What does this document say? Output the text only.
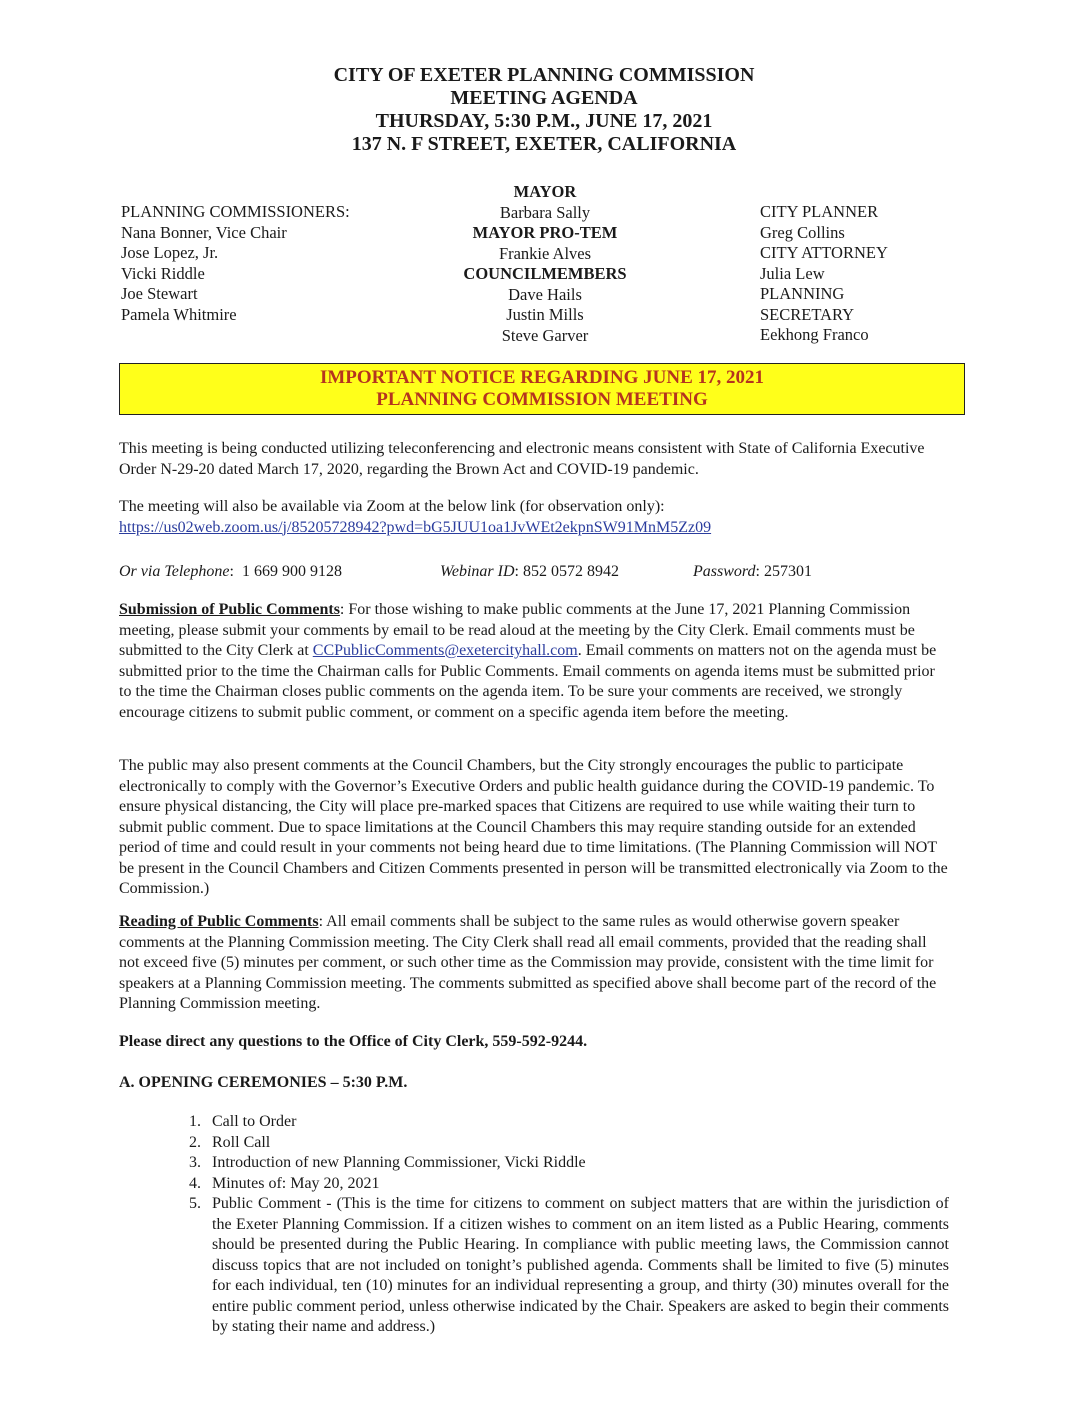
CITY OF EXETER PLANNING COMMISSION
MEETING AGENDA
THURSDAY, 5:30 P.M., JUNE 17, 2021
137 N. F STREET, EXETER, CALIFORNIA
PLANNING COMMISSIONERS:
Nana Bonner, Vice Chair
Jose Lopez, Jr.
Vicki Riddle
Joe Stewart
Pamela Whitmire
MAYOR
Barbara Sally
MAYOR PRO-TEM
Frankie Alves
COUNCILMEMBERS
Dave Hails
Justin Mills
Steve Garver
CITY PLANNER
Greg Collins
CITY ATTORNEY
Julia Lew
PLANNING
SECRETARY
Eekhong Franco
IMPORTANT NOTICE REGARDING JUNE 17, 2021
PLANNING COMMISSION MEETING

This meeting is being conducted utilizing teleconferencing and electronic means consistent with State of California Executive Order N-29-20 dated March 17, 2020, regarding the Brown Act and COVID-19 pandemic.

The meeting will also be available via Zoom at the below link (for observation only):
https://us02web.zoom.us/j/85205728942?pwd=bG5JUU1oa1JvWEt2ekpnSW91MnM5Zz09

Or via Telephone:  1 669 900 9128	Webinar ID: 852 0572 8942	Password: 257301

Submission of Public Comments: For those wishing to make public comments at the June 17, 2021 Planning Commission meeting, please submit your comments by email to be read aloud at the meeting by the City Clerk. Email comments must be submitted to the City Clerk at CCPublicComments@exetercityhall.com. Email comments on matters not on the agenda must be submitted prior to the time the Chairman calls for Public Comments. Email comments on agenda items must be submitted prior to the time the Chairman closes public comments on the agenda item. To be sure your comments are received, we strongly encourage citizens to submit public comment, or comment on a specific agenda item before the meeting.

The public may also present comments at the Council Chambers, but the City strongly encourages the public to participate electronically to comply with the Governor’s Executive Orders and public health guidance during the COVID-19 pandemic. To ensure physical distancing, the City will place pre-marked spaces that Citizens are required to use while waiting their turn to submit public comment. Due to space limitations at the Council Chambers this may require standing outside for an extended period of time and could result in your comments not being heard due to time limitations. (The Planning Commission will NOT be present in the Council Chambers and Citizen Comments presented in person will be transmitted electronically via Zoom to the Commission.)

Reading of Public Comments: All email comments shall be subject to the same rules as would otherwise govern speaker comments at the Planning Commission meeting. The City Clerk shall read all email comments, provided that the reading shall not exceed five (5) minutes per comment, or such other time as the Commission may provide, consistent with the time limit for speakers at a Planning Commission meeting. The comments submitted as specified above shall become part of the record of the Planning Commission meeting.

Please direct any questions to the Office of City Clerk, 559-592-9244.

A. OPENING CEREMONIES – 5:30 P.M.
1. Call to Order
2. Roll Call
3. Introduction of new Planning Commissioner, Vicki Riddle
4. Minutes of: May 20, 2021
5. Public Comment - (This is the time for citizens to comment on subject matters that are within the jurisdiction of the Exeter Planning Commission. If a citizen wishes to comment on an item listed as a Public Hearing, comments should be presented during the Public Hearing. In compliance with public meeting laws, the Commission cannot discuss topics that are not included on tonight’s published agenda. Comments shall be limited to five (5) minutes for each individual, ten (10) minutes for an individual representing a group, and thirty (30) minutes overall for the entire public comment period, unless otherwise indicated by the Chair. Speakers are asked to begin their comments by stating their name and address.)
